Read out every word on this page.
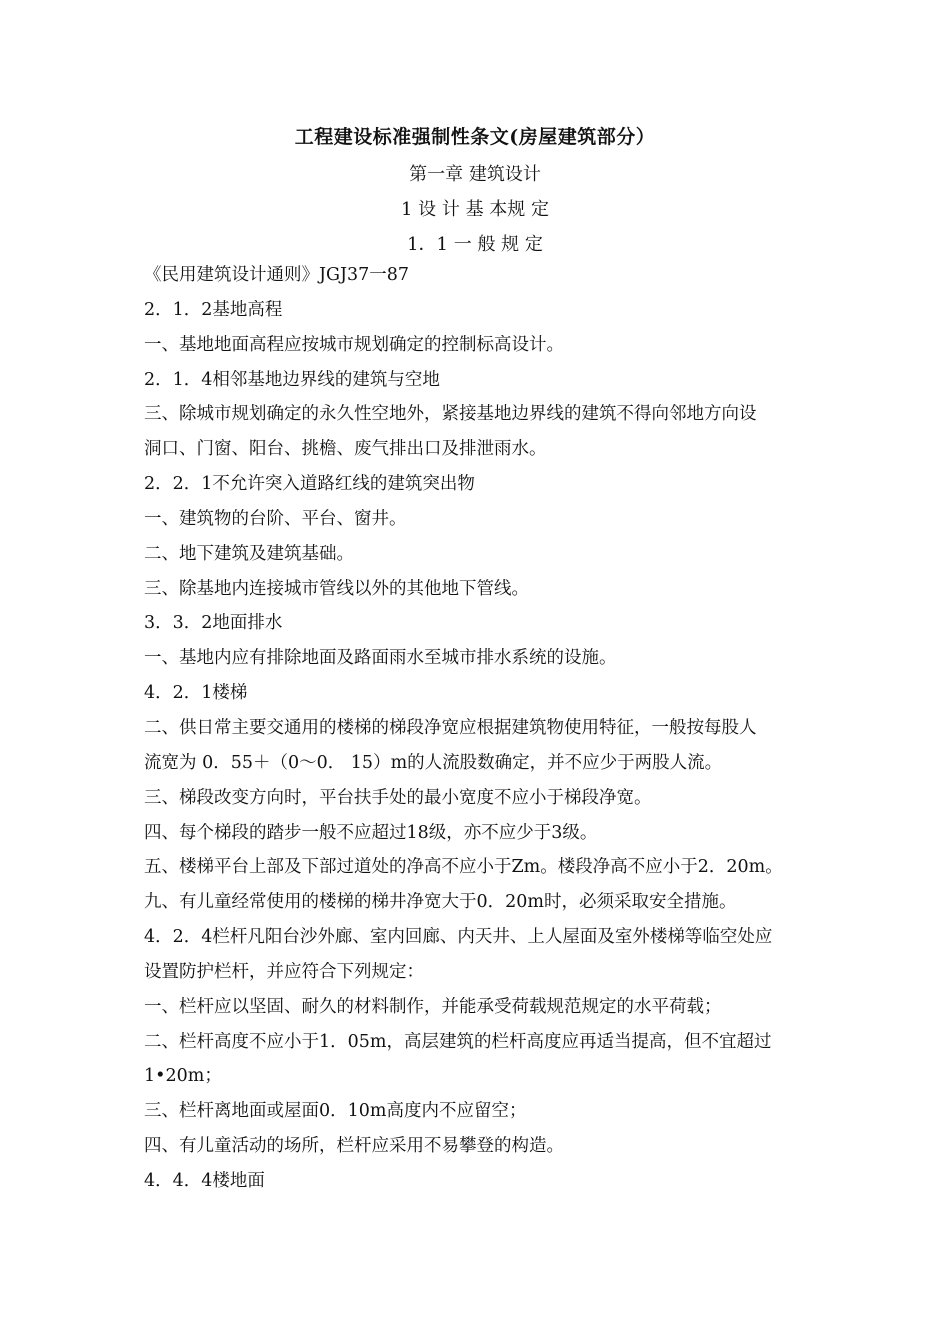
工程建设标准强制性条文(房屋建筑部分）
第一章 建筑设计
1 设 计 基 本规 定
1．1 一 般 规 定
《民用建筑设计通则》JGJ37一87
2．1．2基地高程
一、基地地面高程应按城市规划确定的控制标高设计。
2．1．4相邻基地边界线的建筑与空地
三、除城市规划确定的永久性空地外，紧接基地边界线的建筑不得向邻地方向设
洞口、门窗、阳台、挑檐、废气排出口及排泄雨水。
2．2．1不允许突入道路红线的建筑突出物
一、建筑物的台阶、平台、窗井。
二、地下建筑及建筑基础。
三、除基地内连接城市管线以外的其他地下管线。
3．3．2地面排水
一、基地内应有排除地面及路面雨水至城市排水系统的设施。
4．2．1楼梯
二、供日常主要交通用的楼梯的梯段净宽应根据建筑物使用特征，一般按每股人
流宽为 0．55＋（0～0． 15）m的人流股数确定，并不应少于两股人流。
三、梯段改变方向时，平台扶手处的最小宽度不应小于梯段净宽。
四、每个梯段的踏步一般不应超过18级，亦不应少于3级。
五、楼梯平台上部及下部过道处的净高不应小于Zm。楼段净高不应小于2．20m。
九、有儿童经常使用的楼梯的梯井净宽大于0．20m时，必须采取安全措施。
4．2．4栏杆凡阳台沙外廊、室内回廊、内天井、上人屋面及室外楼梯等临空处应
设置防护栏杆，并应符合下列规定：
一、栏杆应以坚固、耐久的材料制作，并能承受荷载规范规定的水平荷载；
二、栏杆高度不应小于1．05m，高层建筑的栏杆高度应再适当提高，但不宜超过
1•20m；
三、栏杆离地面或屋面0．10m高度内不应留空；
四、有儿童活动的场所，栏杆应采用不易攀登的构造。
4．4．4楼地面
